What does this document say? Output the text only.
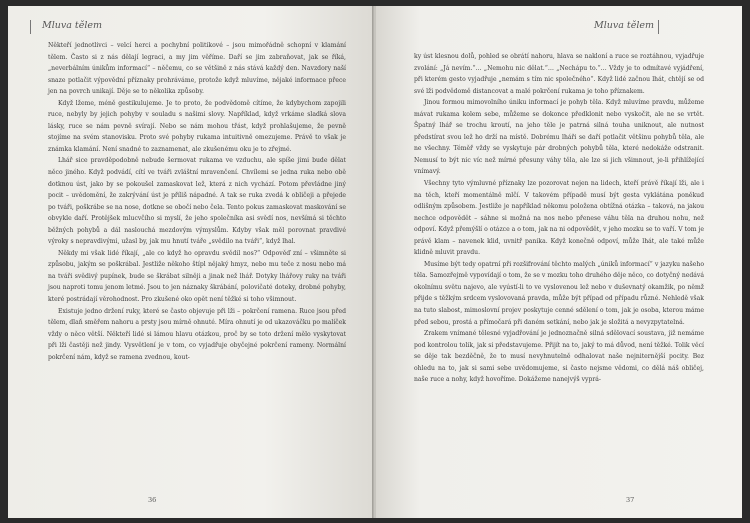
Mluva tělem

Někteří jednotlivci – velcí herci a pochybní politikové – jsou mimořádně schopní v klamání tělem. Často si z nás dělají legraci, a my jim věříme. Daří se jim zabraňovat, jak se říká, „neverbálním únikům informací“ – něčemu, co se většině z nás stává každý den. Navzdory naší snaze potlačit výpovědní příznaky prohráváme, protože když mluvíme, nějaké informace přece jen na povrch unikají. Děje se to několika způsoby.

Když lžeme, méně gestikulujeme. Je to proto, že podvědomě cítíme, že kdybychom zapojili ruce, nebyly by jejich pohyby v souladu s našimi slovy. Například, když vrkáme sladká slova lásky, ruce se nám pevně svírají. Nebo se nám mohou třást, když prohlašujeme, že pevně stojíme na svém stanovisku. Proto své pohyby rukama intuitivně omezujeme. Právě to však je známka klamání. Není snadné to zaznamenat, ale zkušenému oku je to zřejmé.

Lhář sice pravděpodobně nebude šermovat rukama ve vzduchu, ale spíše jimi bude dělat něco jiného. Když podvádí, cítí ve tváři zvláštní mravenčení. Chvílemi se jedna ruka nebo obě dotknou úst, jako by se pokoušel zamaskovat lež, která z nich vychází. Potom převládne jiný pocit – uvědomění, že zakrývání úst je příliš nápadné. A tak se ruka zvedá k obličeji a přejede po tváři, poškrábe se na nose, dotkne se obočí nebo čela. Tento pokus zamaskovat maskování se obvykle daří. Protějšek mlucvčího si myslí, že jeho společníka asi svědí nos, nevšímá si těchto běžných pohybů a dál naslouchá mezdovým výmyslům. Kdyby však měl porovnat pravdivé výroky s nepravdivými, užasl by, jak mu hnutí tváře „svědilo na tváři“, když lhal.

Někdy mi však lidé říkají, „ale co když ho opravdu svědil nos?“ Odpověď zní – všimněte si způsobu, jakým se poškrábal. Jestliže někoho štípl nějaký hmyz, nebo mu teče z nosu nebo má na tváři svědivý pupínek, bude se škrábat silněji a jinak než lhář. Dotyky lhářovy ruky na tváři jsou naproti tomu jenom letmé. Jsou to jen náznaky škrábání, polovičaté doteky, drobné pohyby, které postrádají věrohodnost. Pro zkušené oko opět není těžké si toho všimnout.

Existuje jedno držení ruky, které se často objevuje při lži – pokrčení ramena. Ruce jsou před tělem, dlaň směřem nahoru a prsty jsou mírně ohnuté. Míra ohnutí je od ukazováčku po malíček vždy o něco větší. Někteří lidé si lámou hlavu otázkou, proč by se toto držení mělo vyskytovat při lži častěji než jindy. Vysvětlení je v tom, co vyjadřuje obyčejné pokrčení rameny. Normální pokrčení nám, když se ramena zvednou, kout-

36
Mluva tělem

ky úst klesnou dolů, pohled se obrátí nahoru, hlava se nakloní a ruce se roztáhnou, vyjadřuje zvolání: „Já nevím.“… „Nemohu nic dělat.“… „Nechápu to.“… Vždy je to odmítavé vyjádření, při kterém gesto vyjadřuje „nemám s tím nic společného“. Když lidé začnou lhát, chtějí se od své lži podvědomě distancovat a malé pokrčení rukama je toho příznakem.

Jinou formou mimovolního úniku informací je pohyb těla. Když mluvíme pravdu, můžeme mávat rukama kolem sebe, můžeme se dokonce předklonit nebo vyskočit, ale ne se vrtět. Špatný lhář se trochu kroutí, na jeho těle je patrná silná touha uniknout, ale nutnost předstírat svou lež ho drží na místě. Dobrému lháři se daří potlačit většinu pohybů těla, ale ne všechny. Téměř vždy se vyskytuje pár drobných pohybů těla, které nedokáže odstranit. Nemusí to být nic víc než mírné přesuny váhy těla, ale lze si jich všimnout, je-li přihlížející vnímavý.

Všechny tyto výmluvné příznaky lze pozorovat nejen na lidech, kteří právě říkají lži, ale i na těch, kteří momentálně mlčí. V takovém případě musí být gesta vyklátána poněkud odlišným způsobem. Jestliže je například někomu položena obtížná otázka – taková, na jakou nechce odpovědět – sáhne si možná na nos nebo přenese váhu těla na druhou nohu, než odpoví. Když přemýšlí o otázce a o tom, jak na ni odpovědět, v jeho mozku se to vaří. V tom je právě klam – navenek klid, uvnitř panika. Když konečně odpoví, může lhát, ale také může klidně mluvit pravdu.

Musíme být tedy opatrní při rozšifrování těchto malých „úniků informací“ v jazyku našeho těla. Samozřejmě vypovídají o tom, že se v mozku toho druhého děje něco, co dotyčný nedává okolnímu světu najevo, ale vyústí-li to ve vyslovenou lež nebo v duševnatý okamžik, po němž přijde s těžkým srdcem vyslovovaná pravda, může být případ od případu různé. Nehledě však na tuto slabost, mimoslovní projev poskytuje cenné sdělení o tom, jak je osoba, kterou máme před sebou, prostá a přímočará při daném setkání, nebo jak je složitá a nevyzpytatelná.

Zrakem vnímané tělesné vyjadřování je jednoznačně silná sdělovací soustava, již nemáme pod kontrolou tolik, jak si představujeme. Přijít na to, jaký to má důvod, není těžké. Tolik věcí se děje tak bezděčně, že to musí nevyhnutelně odhalovat naše nejniternější pocity. Bez ohledu na to, jak si sami sebe uvědomujeme, si často nejsme vědomi, co dělá náš obličej, naše ruce a nohy, když hovoříme. Dokážeme nanejvýš vyprá-

37
